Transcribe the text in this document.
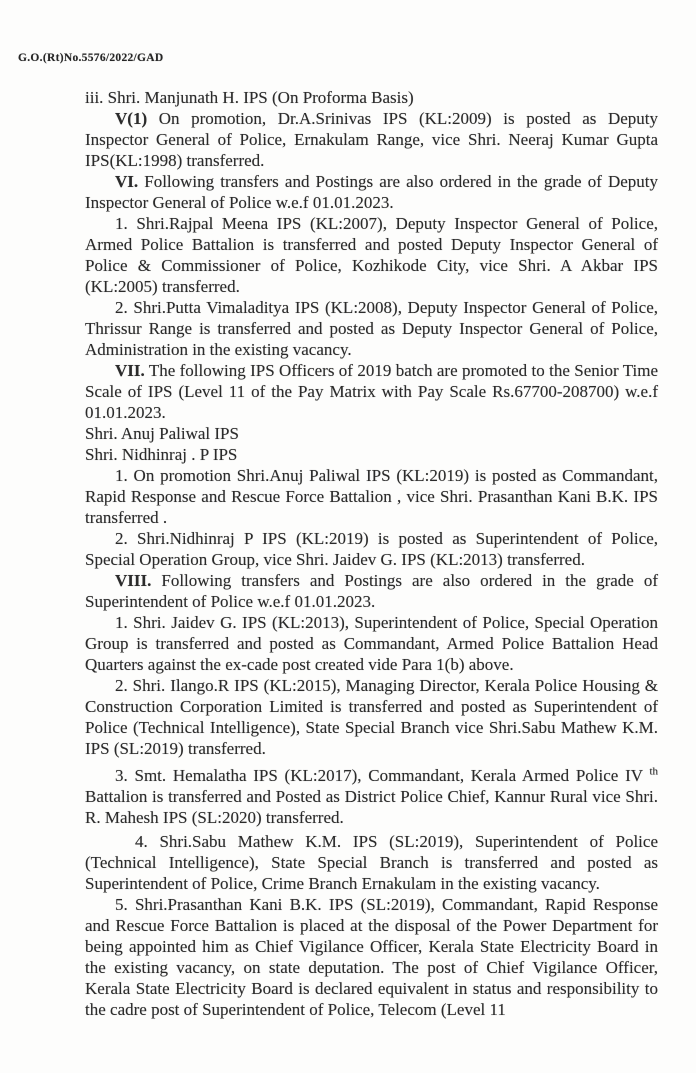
G.O.(Rt)No.5576/2022/GAD

iii. Shri. Manjunath H. IPS (On Proforma Basis)

V(1) On promotion, Dr.A.Srinivas IPS (KL:2009) is posted as Deputy Inspector General of Police, Ernakulam Range, vice Shri. Neeraj Kumar Gupta IPS(KL:1998) transferred.

VI. Following transfers and Postings are also ordered in the grade of Deputy Inspector General of Police w.e.f 01.01.2023.

1. Shri.Rajpal Meena IPS (KL:2007), Deputy Inspector General of Police, Armed Police Battalion is transferred and posted Deputy Inspector General of Police & Commissioner of Police, Kozhikode City, vice Shri. A Akbar IPS (KL:2005) transferred.

2. Shri.Putta Vimaladitya IPS (KL:2008), Deputy Inspector General of Police, Thrissur Range is transferred and posted as Deputy Inspector General of Police, Administration in the existing vacancy.

VII. The following IPS Officers of 2019 batch are promoted to the Senior Time Scale of IPS (Level 11 of the Pay Matrix with Pay Scale Rs.67700-208700) w.e.f 01.01.2023.

Shri. Anuj Paliwal IPS

Shri. Nidhinraj . P IPS

1. On promotion Shri.Anuj Paliwal IPS (KL:2019) is posted as Commandant, Rapid Response and Rescue Force Battalion , vice Shri. Prasanthan Kani B.K. IPS transferred .

2. Shri.Nidhinraj P IPS (KL:2019) is posted as Superintendent of Police, Special Operation Group, vice Shri. Jaidev G. IPS (KL:2013) transferred.

VIII. Following transfers and Postings are also ordered in the grade of Superintendent of Police w.e.f 01.01.2023.

1. Shri. Jaidev G. IPS (KL:2013), Superintendent of Police, Special Operation Group is transferred and posted as Commandant, Armed Police Battalion Head Quarters against the ex-cade post created vide Para 1(b) above.

2. Shri. Ilango.R IPS (KL:2015), Managing Director, Kerala Police Housing & Construction Corporation Limited is transferred and posted as Superintendent of Police (Technical Intelligence), State Special Branch vice Shri.Sabu Mathew K.M. IPS (SL:2019) transferred.

3. Smt. Hemalatha IPS (KL:2017), Commandant, Kerala Armed Police IV $^{th}$ Battalion is transferred and Posted as District Police Chief, Kannur Rural vice Shri. R. Mahesh IPS (SL:2020) transferred.

4. Shri.Sabu Mathew K.M. IPS (SL:2019), Superintendent of Police (Technical Intelligence), State Special Branch is transferred and posted as Superintendent of Police, Crime Branch Ernakulam in the existing vacancy.

5. Shri.Prasanthan Kani B.K. IPS (SL:2019), Commandant, Rapid Response and Rescue Force Battalion is placed at the disposal of the Power Department for being appointed him as Chief Vigilance Officer, Kerala State Electricity Board in the existing vacancy, on state deputation. The post of Chief Vigilance Officer, Kerala State Electricity Board is declared equivalent in status and responsibility to the cadre post of Superintendent of Police, Telecom (Level 11
